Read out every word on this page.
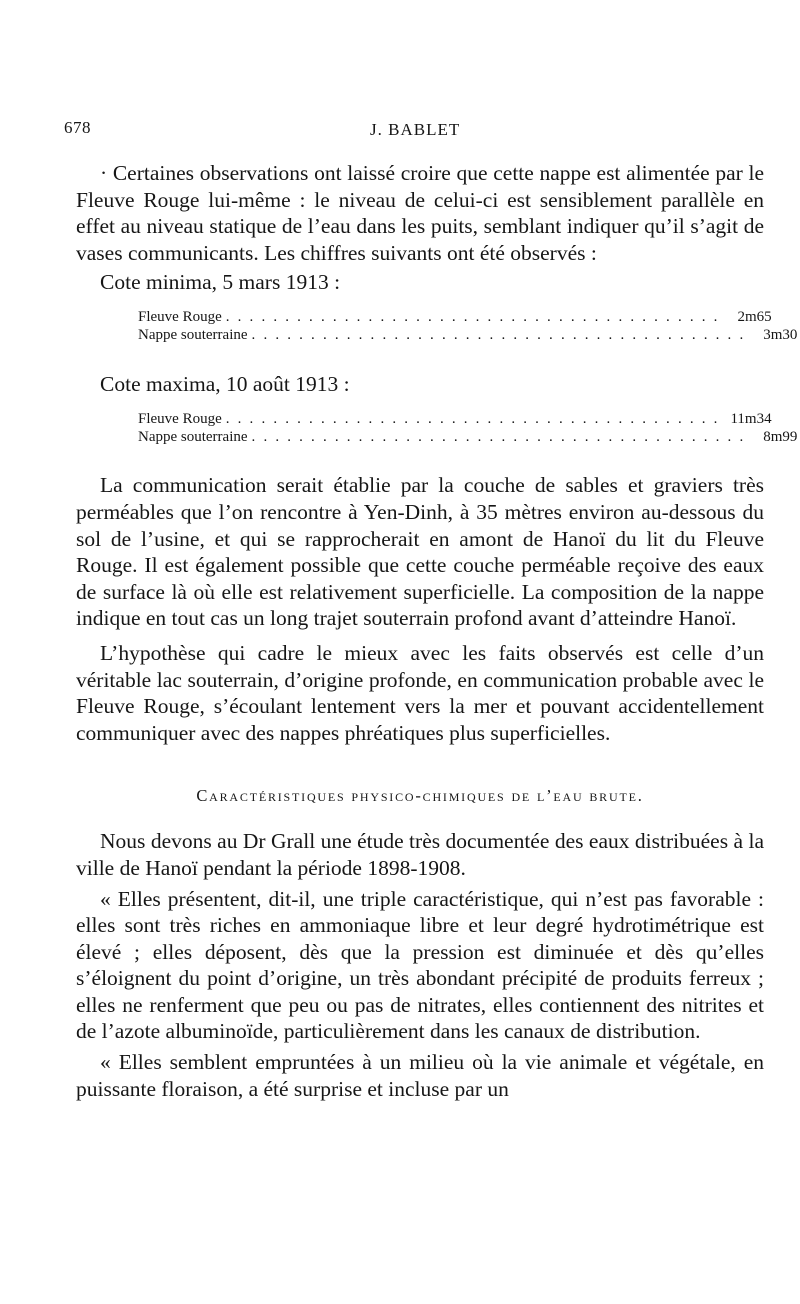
678	J. BABLET

· Certaines observations ont laissé croire que cette nappe est alimentée par le Fleuve Rouge lui-même : le niveau de celui-ci est sensiblement parallèle en effet au niveau statique de l’eau dans les puits, semblant indiquer qu’il s’agit de vases communicants. Les chiffres suivants ont été observés :

Cote minima, 5 mars 1913 :
Fleuve Rouge . . . . . . . . . . . . . . . . . . . . . . . . . . . . . . . . . . . . . . . . . .	2m65
Nappe souterraine . . . . . . . . . . . . . . . . . . . . . . . . . . . . . . . . . . . . . . . . . .	3m30
Cote maxima, 10 août 1913 :
Fleuve Rouge . . . . . . . . . . . . . . . . . . . . . . . . . . . . . . . . . . . . . . . . . . 11m34
Nappe souterraine . . . . . . . . . . . . . . . . . . . . . . . . . . . . . . . . . . . . . . . . . .	8m99

La communication serait établie par la couche de sables et graviers très perméables que l’on rencontre à Yen-Dinh, à 35 mètres environ au-dessous du sol de l’usine, et qui se rapprocherait en amont de Hanoï du lit du Fleuve Rouge. Il est également possible que cette couche perméable reçoive des eaux de surface là où elle est relativement superficielle. La composition de la nappe indique en tout cas un long trajet souterrain profond avant d’atteindre Hanoï.

L’hypothèse qui cadre le mieux avec les faits observés est celle d’un véritable lac souterrain, d’origine profonde, en communication probable avec le Fleuve Rouge, s’écoulant lentement vers la mer et pouvant accidentellement communiquer avec des nappes phréatiques plus superficielles.

Caractéristiques physico-chimiques de l’eau brute.

Nous devons au Dr Grall une étude très documentée des eaux distribuées à la ville de Hanoï pendant la période 1898-1908.

« Elles présentent, dit-il, une triple caractéristique, qui n’est pas favorable : elles sont très riches en ammoniaque libre et leur degré hydrotimétrique est élevé ; elles déposent, dès que la pression est diminuée et dès qu’elles s’éloignent du point d’origine, un très abondant précipité de produits ferreux ; elles ne renferment que peu ou pas de nitrates, elles contiennent des nitrites et de l’azote albuminoïde, particulièrement dans les canaux de distribution.

« Elles semblent empruntées à un milieu où la vie animale et végétale, en puissante floraison, a été surprise et incluse par un
